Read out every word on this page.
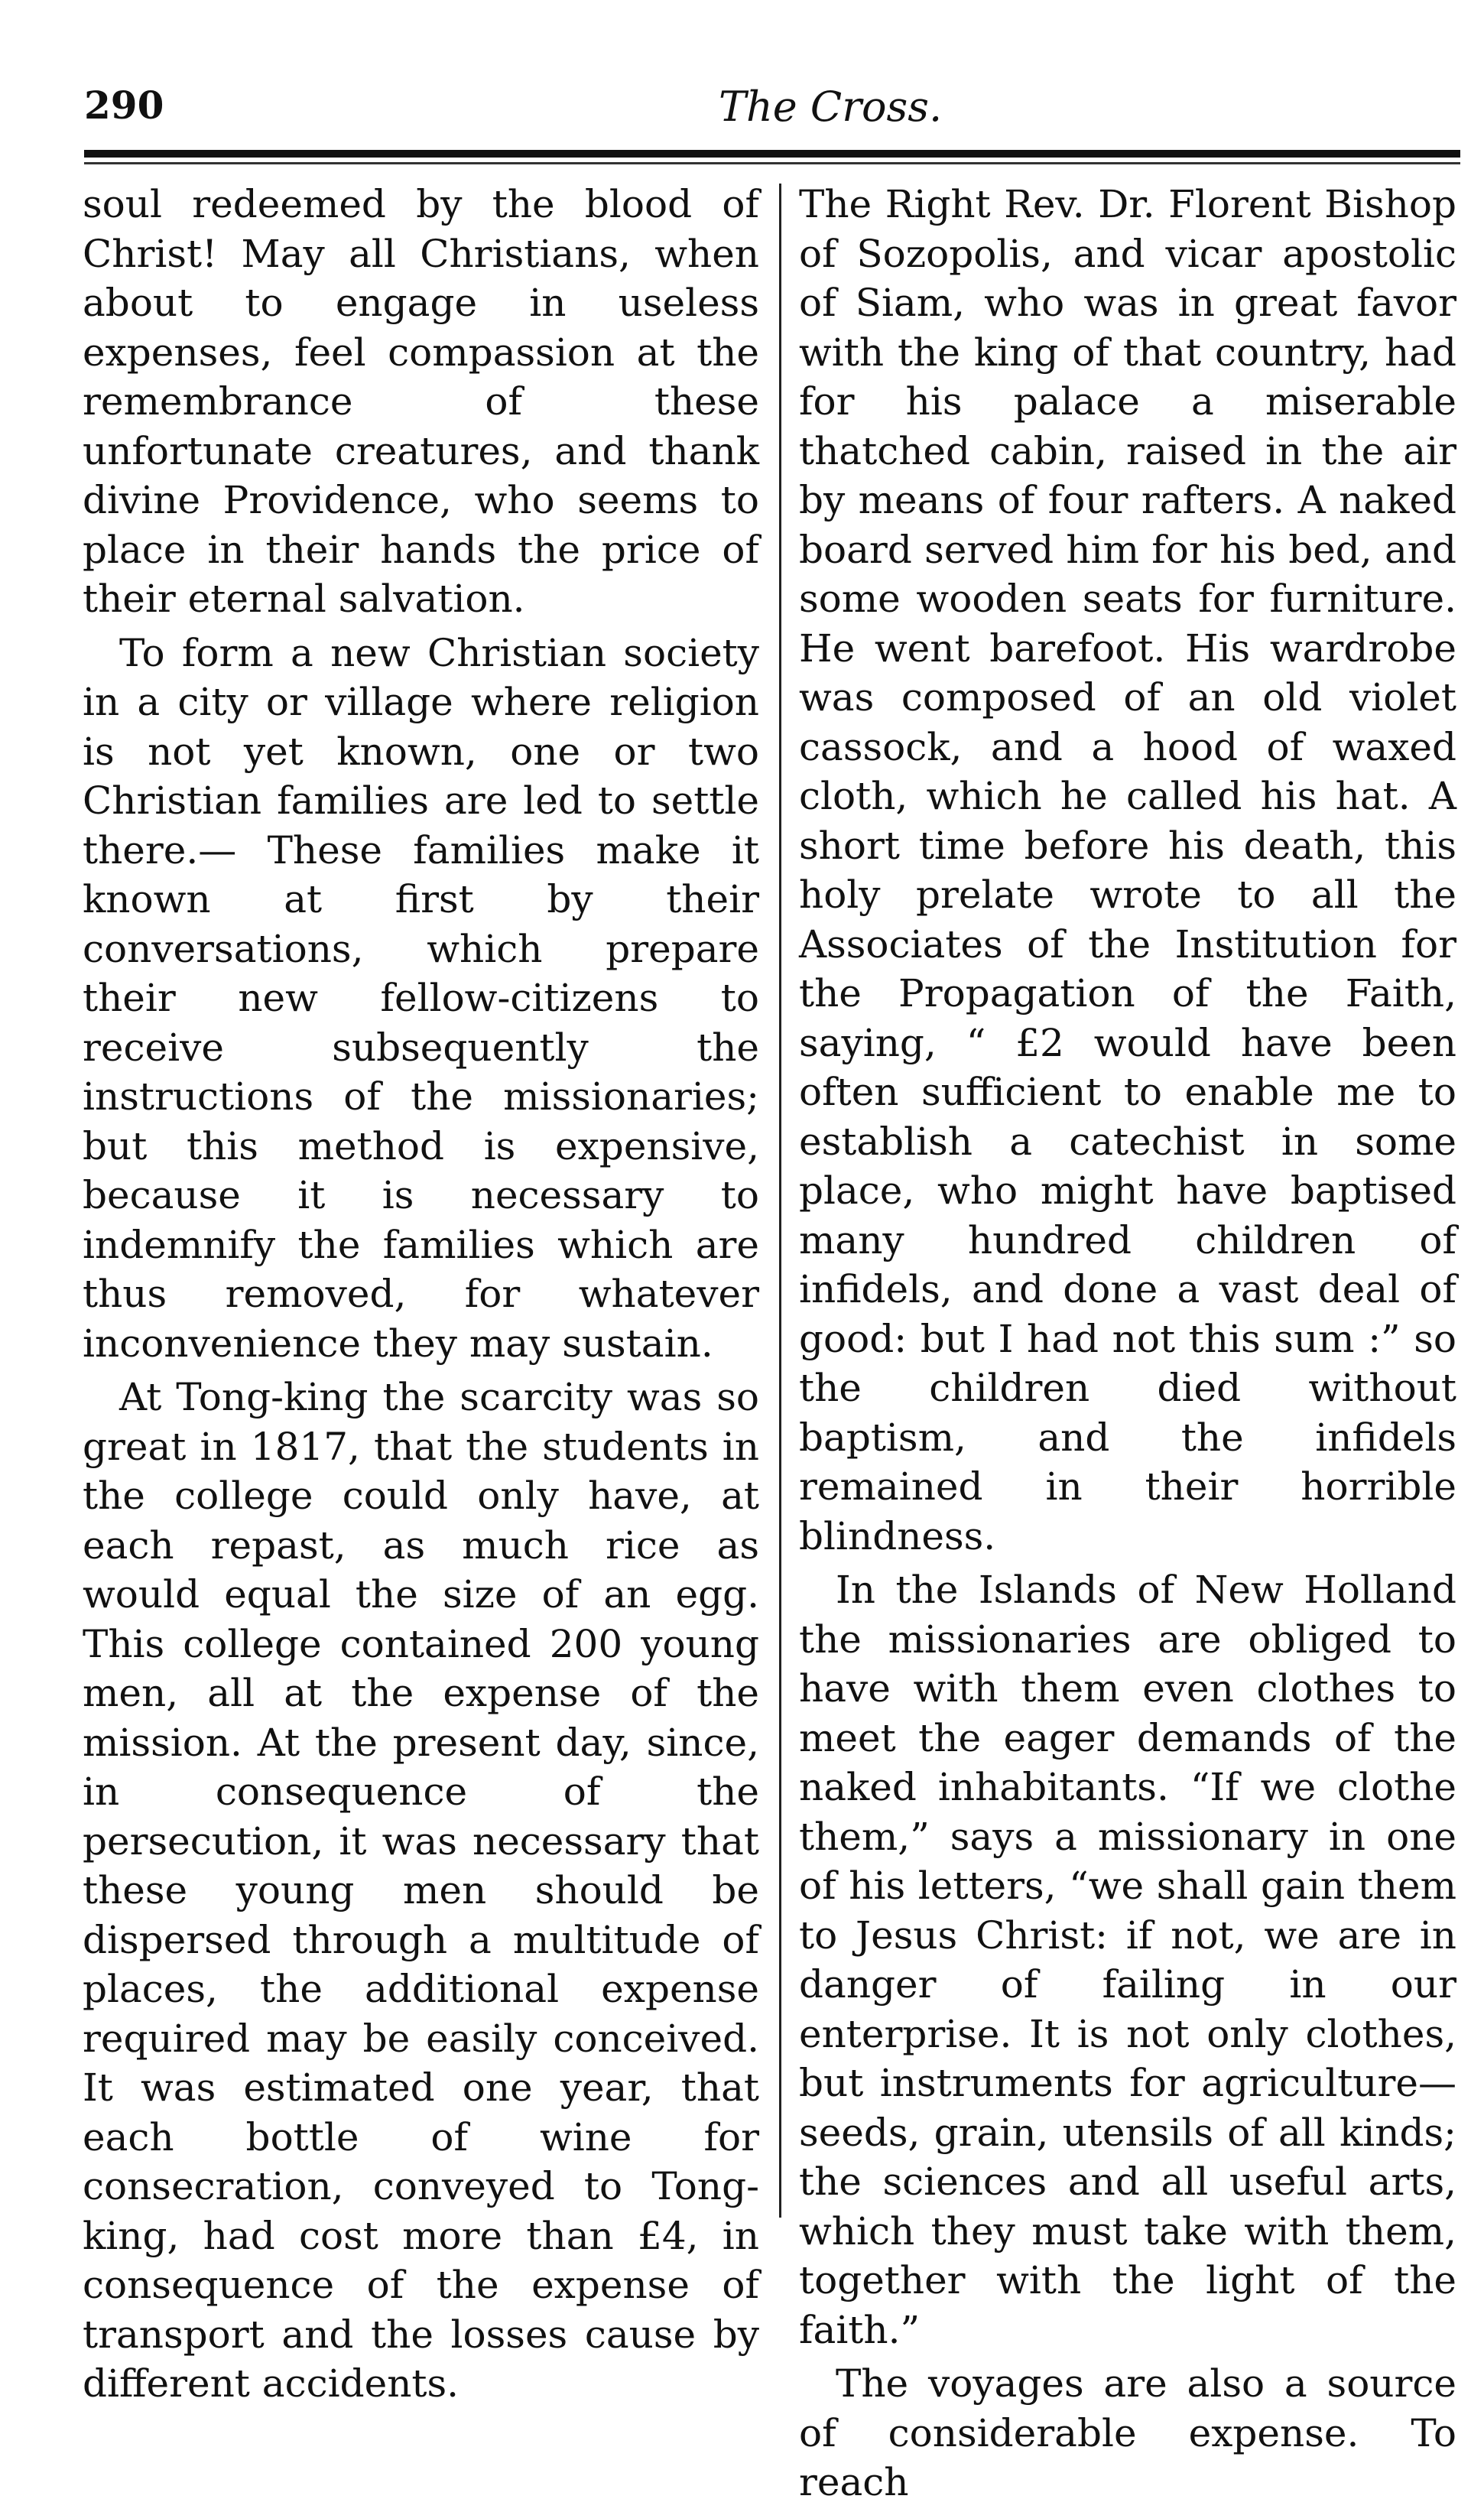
290	The Cross.

soul redeemed by the blood of Christ! May all Christians, when about to engage in useless expenses, feel compassion at the remembrance of these unfortunate creatures, and thank divine Providence, who seems to place in their hands the price of their eternal salvation.

To form a new Christian society in a city or village where religion is not yet known, one or two Christian families are led to settle there.— These families make it known at first by their conversations, which prepare their new fellow-citizens to receive subsequently the instructions of the missionaries; but this method is expensive, because it is necessary to indemnify the families which are thus removed, for whatever inconvenience they may sustain.

At Tong-king the scarcity was so great in 1817, that the students in the college could only have, at each repast, as much rice as would equal the size of an egg. This college contained 200 young men, all at the expense of the mission. At the present day, since, in consequence of the persecution, it was necessary that these young men should be dispersed through a multitude of places, the additional expense required may be easily conceived. It was estimated one year, that each bottle of wine for consecration, conveyed to Tong-king, had cost more than £4, in consequence of the expense of transport and the losses cause by different accidents.

The Right Rev. Dr. Florent Bishop of Sozopolis, and vicar apostolic of Siam, who was in great favor with the king of that country, had for his palace a miserable thatched cabin, raised in the air by means of four rafters. A naked board served him for his bed, and some wooden seats for furniture. He went barefoot. His wardrobe was composed of an old violet cassock, and a hood of waxed cloth, which he called his hat. A short time before his death, this holy prelate wrote to all the Associates of the Institution for the Propagation of the Faith, saying, “ £2 would have been often sufficient to enable me to establish a catechist in some place, who might have baptised many hundred children of infidels, and done a vast deal of good: but I had not this sum :” so the children died without baptism, and the infidels remained in their horrible blindness.

In the Islands of New Holland the missionaries are obliged to have with them even clothes to meet the eager demands of the naked inhabitants. “If we clothe them,” says a missionary in one of his letters, “we shall gain them to Jesus Christ: if not, we are in danger of failing in our enterprise. It is not only clothes, but instruments for agriculture— seeds, grain, utensils of all kinds; the sciences and all useful arts, which they must take with them, together with the light of the faith.”

The voyages are also a source of considerable expense. To reach
